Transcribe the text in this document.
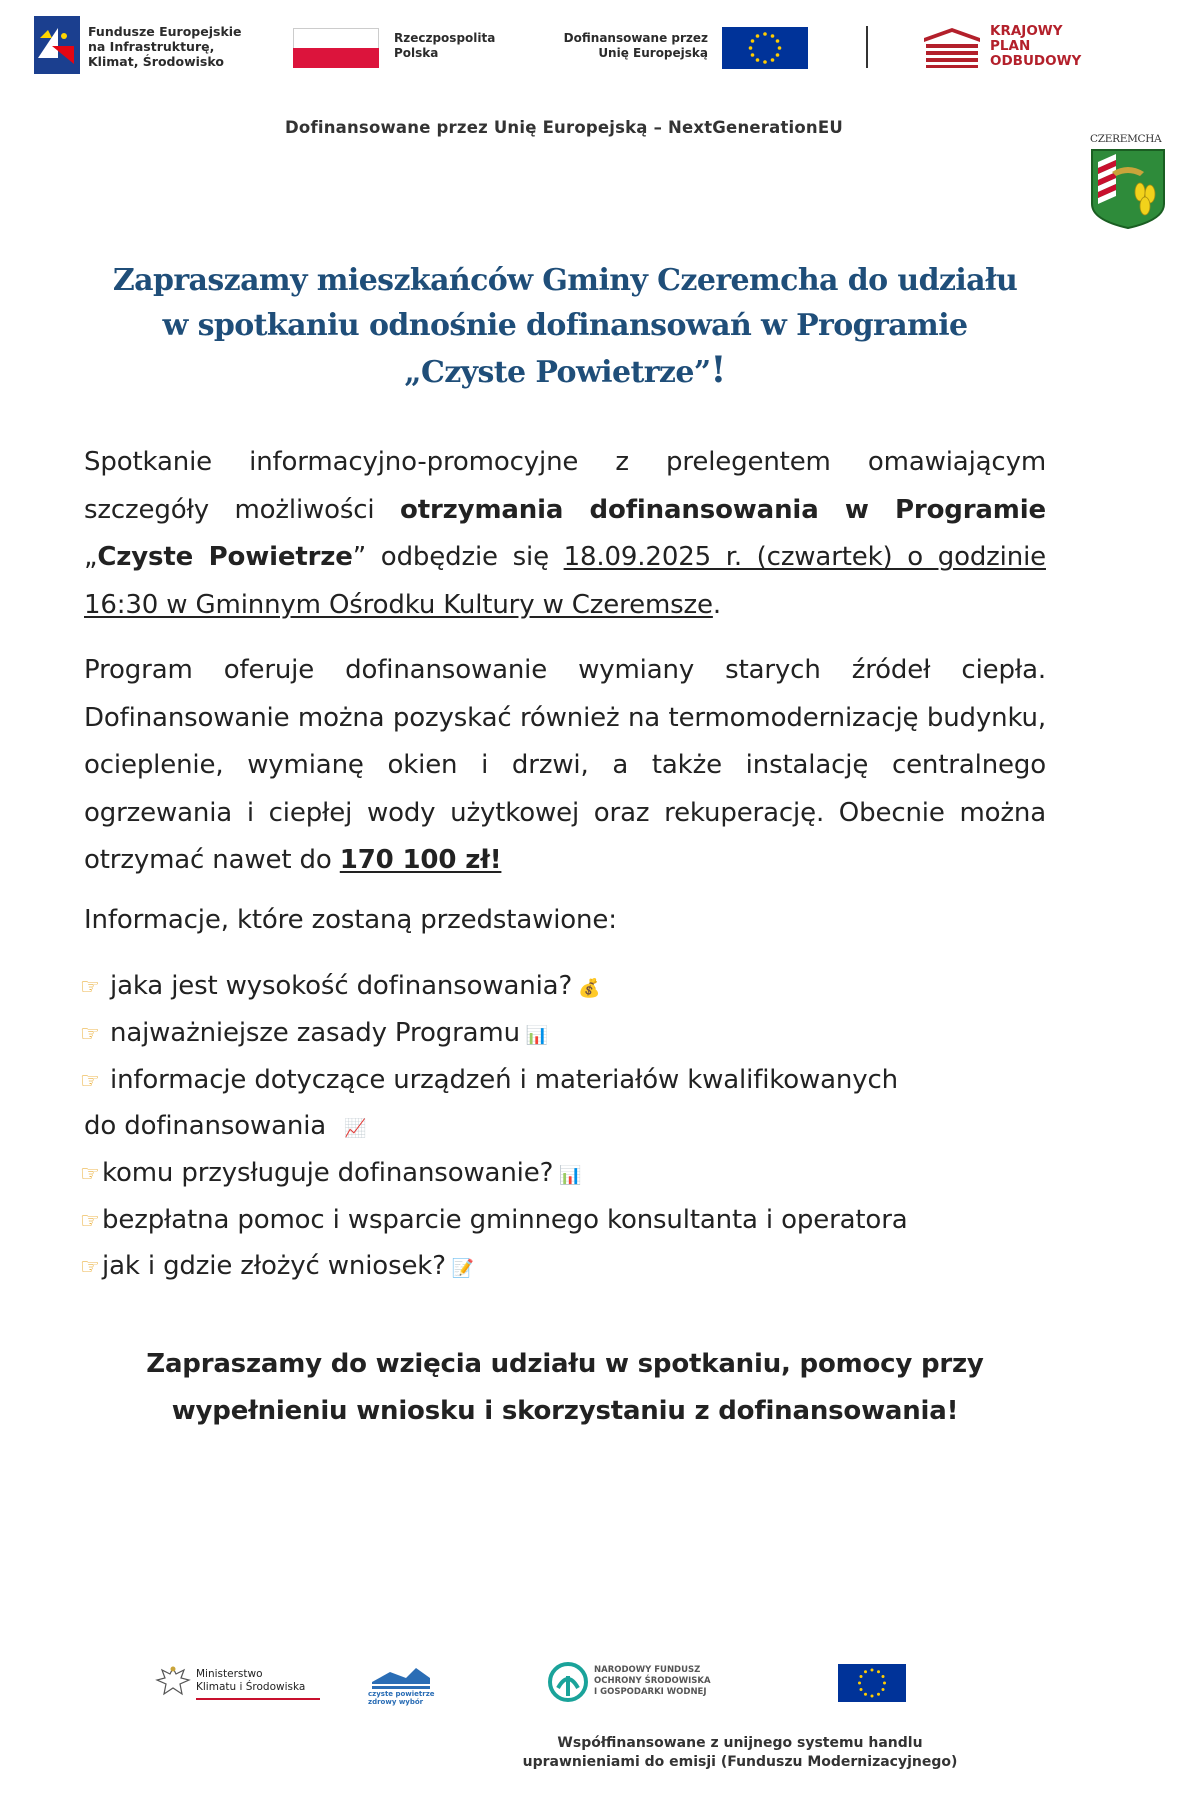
Fundusze Europejskie
na Infrastrukturę,
Klimat, Środowisko
Rzeczpospolita
Polska
Dofinansowane przez
Unię Europejską
KRAJOWY
PLAN
ODBUDOWY
Dofinansowane przez Unię Europejską – NextGenerationEU
CZEREMCHA
Zapraszamy mieszkańców Gminy Czeremcha do udziału
w spotkaniu odnośnie dofinansowań w Programie
„Czyste Powietrze”!
Spotkanie informacyjno-promocyjne z prelegentem omawiającym szczegóły możliwości otrzymania dofinansowania w Programie „Czyste Powietrze” odbędzie się 18.09.2025 r. (czwartek) o godzinie 16:30 w Gminnym Ośrodku Kultury w Czeremsze.
Program oferuje dofinansowanie wymiany starych źródeł ciepła. Dofinansowanie można pozyskać również na termomodernizację budynku, ocieplenie, wymianę okien i drzwi, a także instalację centralnego ogrzewania i ciepłej wody użytkowej oraz rekuperację. Obecnie można otrzymać nawet do 170 100 zł!
Informacje, które zostaną przedstawione:
☞ jaka jest wysokość dofinansowania? 💰
☞ najważniejsze zasady Programu 📊
☞ informacje dotyczące urządzeń i materiałów kwalifikowanych
do dofinansowania 📈
☞komu przysługuje dofinansowanie? 📊
☞bezpłatna pomoc i wsparcie gminnego konsultanta i operatora
☞jak i gdzie złożyć wniosek? 📝
Zapraszamy do wzięcia udziału w spotkaniu, pomocy przy
wypełnieniu wniosku i skorzystaniu z dofinansowania!
Ministerstwo
Klimatu i Środowiska
czyste powietrze
zdrowy wybór
NARODOWY FUNDUSZ
OCHRONY ŚRODOWISKA
I GOSPODARKI WODNEJ
Współfinansowane z unijnego systemu handlu
uprawnieniami do emisji (Funduszu Modernizacyjnego)
